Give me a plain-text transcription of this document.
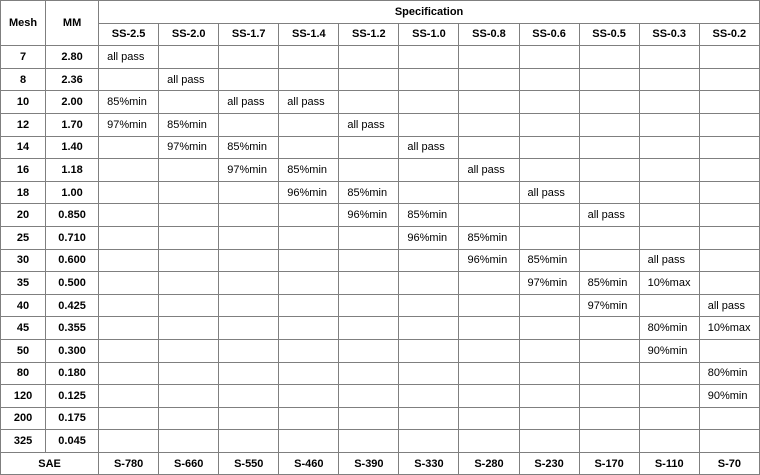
Mesh	MM	Specification										
		SS-2.5	SS-2.0	SS-1.7	SS-1.4	SS-1.2	SS-1.0	SS-0.8	SS-0.6	SS-0.5	SS-0.3	SS-0.2
7	2.80	all pass										
8	2.36		all pass									
10	2.00	85%min		all pass	all pass							
12	1.70	97%min	85%min			all pass						
14	1.40		97%min	85%min			all pass					
16	1.18			97%min	85%min			all pass				
18	1.00				96%min	85%min			all pass			
20	0.850					96%min	85%min			all pass		
25	0.710						96%min	85%min				
30	0.600							96%min	85%min		all pass	
35	0.500								97%min	85%min	10%max	
40	0.425									97%min		all pass
45	0.355										80%min	10%max
50	0.300										90%min	
80	0.180											80%min
120	0.125											90%min
200	0.175											
325	0.045											
SAE		S-780	S-660	S-550	S-460	S-390	S-330	S-280	S-230	S-170	S-110	S-70
